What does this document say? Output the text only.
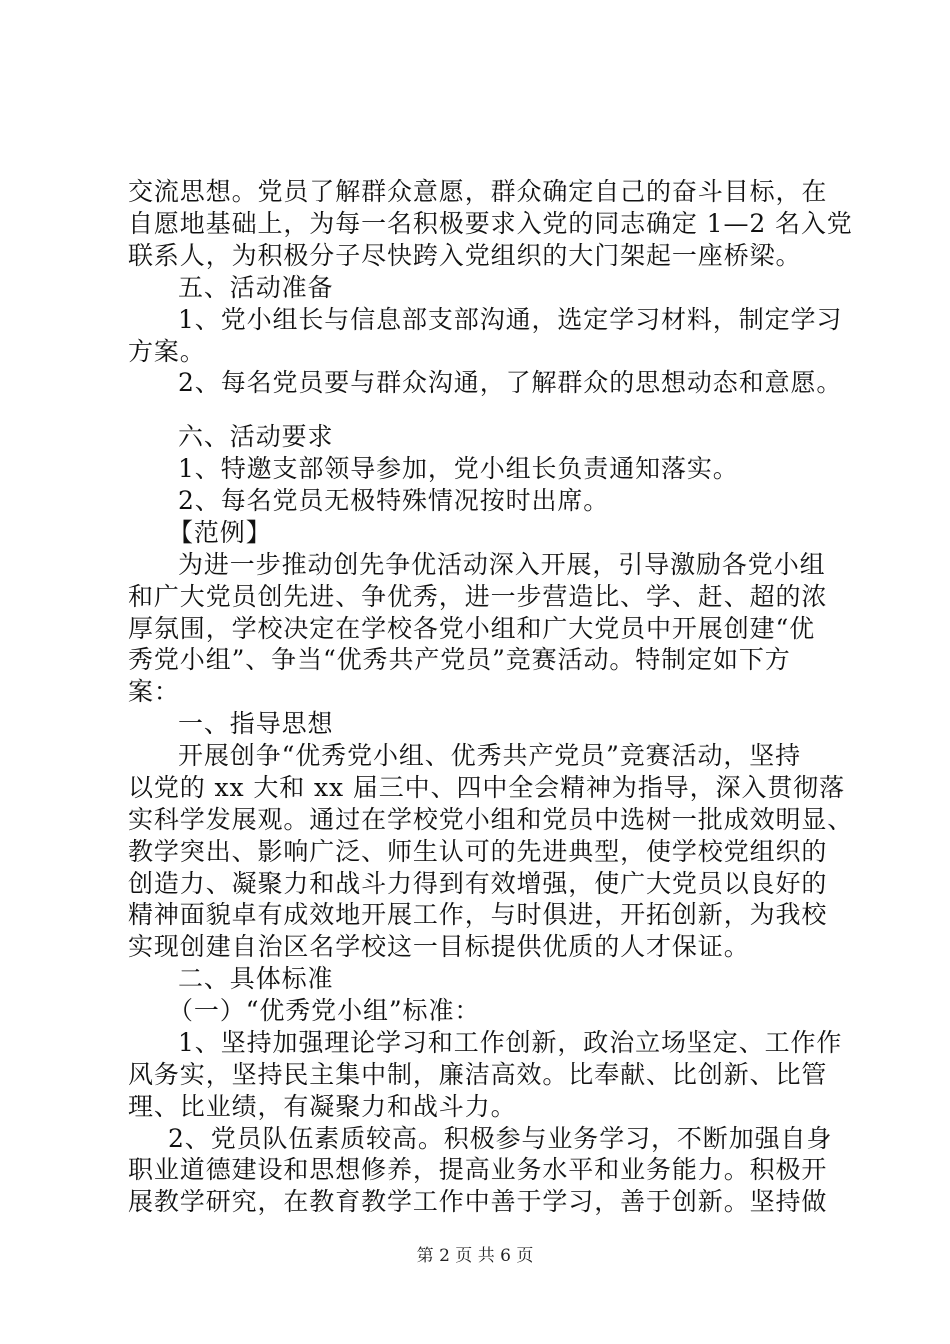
交流思想。党员了解群众意愿，群众确定自己的奋斗目标，在
自愿地基础上，为每一名积极要求入党的同志确定 1—2 名入党
联系人，为积极分子尽快跨入党组织的大门架起一座桥梁。
五、活动准备
1、党小组长与信息部支部沟通，选定学习材料，制定学习
方案。
2、每名党员要与群众沟通，了解群众的思想动态和意愿。
六、活动要求
1、特邀支部领导参加，党小组长负责通知落实。
2、每名党员无极特殊情况按时出席。
【范例】
为进一步推动创先争优活动深入开展，引导激励各党小组
和广大党员创先进、争优秀，进一步营造比、学、赶、超的浓
厚氛围，学校决定在学校各党小组和广大党员中开展创建“优
秀党小组”、争当“优秀共产党员”竞赛活动。特制定如下方
案：
一、指导思想
开展创争“优秀党小组、优秀共产党员”竞赛活动，坚持
以党的 xx 大和 xx 届三中、四中全会精神为指导，深入贯彻落
实科学发展观。通过在学校党小组和党员中选树一批成效明显、
教学突出、影响广泛、师生认可的先进典型，使学校党组织的
创造力、凝聚力和战斗力得到有效增强，使广大党员以良好的
精神面貌卓有成效地开展工作，与时俱进，开拓创新，为我校
实现创建自治区名学校这一目标提供优质的人才保证。
二、具体标准
（一）“优秀党小组”标准：
1、坚持加强理论学习和工作创新，政治立场坚定、工作作
风务实，坚持民主集中制，廉洁高效。比奉献、比创新、比管
理、比业绩，有凝聚力和战斗力。
2、党员队伍素质较高。积极参与业务学习，不断加强自身
职业道德建设和思想修养，提高业务水平和业务能力。积极开
展教学研究，在教育教学工作中善于学习，善于创新。坚持做
第 2 页 共 6 页
